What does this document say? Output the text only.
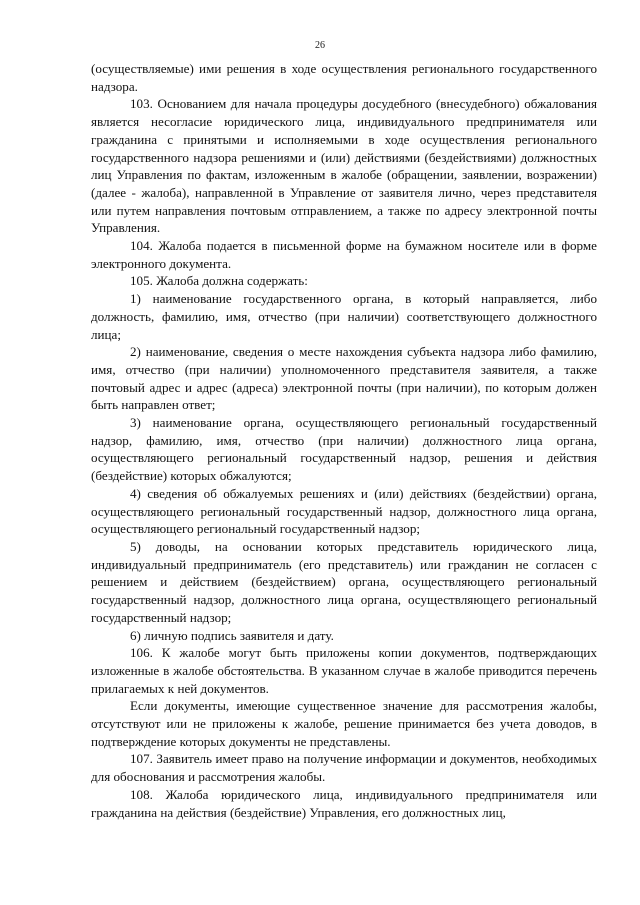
26

(осуществляемые) ими решения в ходе осуществления регионального государственного надзора.

103. Основанием для начала процедуры досудебного (внесудебного) обжалования является несогласие юридического лица, индивидуального предпринимателя или гражданина с принятыми и исполняемыми в ходе осуществления регионального государственного надзора решениями и (или) действиями (бездействиями) должностных лиц Управления по фактам, изложенным в жалобе (обращении, заявлении, возражении) (далее - жалоба), направленной в Управление от заявителя лично, через представителя или путем направления почтовым отправлением, а также по адресу электронной почты Управления.

104. Жалоба подается в письменной форме на бумажном носителе или в форме электронного документа.

105. Жалоба должна содержать:

1) наименование государственного органа, в который направляется, либо должность, фамилию, имя, отчество (при наличии) соответствующего должностного лица;

2) наименование, сведения о месте нахождения субъекта надзора либо фамилию, имя, отчество (при наличии) уполномоченного представителя заявителя, а также почтовый адрес и адрес (адреса) электронной почты (при наличии), по которым должен быть направлен ответ;

3) наименование органа, осуществляющего региональный государственный надзор, фамилию, имя, отчество (при наличии) должностного лица органа, осуществляющего региональный государственный надзор, решения и действия (бездействие) которых обжалуются;

4) сведения об обжалуемых решениях и (или) действиях (бездействии) органа, осуществляющего региональный государственный надзор, должностного лица органа, осуществляющего региональный государственный надзор;

5) доводы, на основании которых представитель юридического лица, индивидуальный предприниматель (его представитель) или гражданин не согласен с решением и действием (бездействием) органа, осуществляющего региональный государственный надзор, должностного лица органа, осуществляющего региональный государственный надзор;

6) личную подпись заявителя и дату.

106. К жалобе могут быть приложены копии документов, подтверждающих изложенные в жалобе обстоятельства. В указанном случае в жалобе приводится перечень прилагаемых к ней документов.

Если документы, имеющие существенное значение для рассмотрения жалобы, отсутствуют или не приложены к жалобе, решение принимается без учета доводов, в подтверждение которых документы не представлены.

107. Заявитель имеет право на получение информации и документов, необходимых для обоснования и рассмотрения жалобы.

108. Жалоба юридического лица, индивидуального предпринимателя или гражданина на действия (бездействие) Управления, его должностных лиц,
